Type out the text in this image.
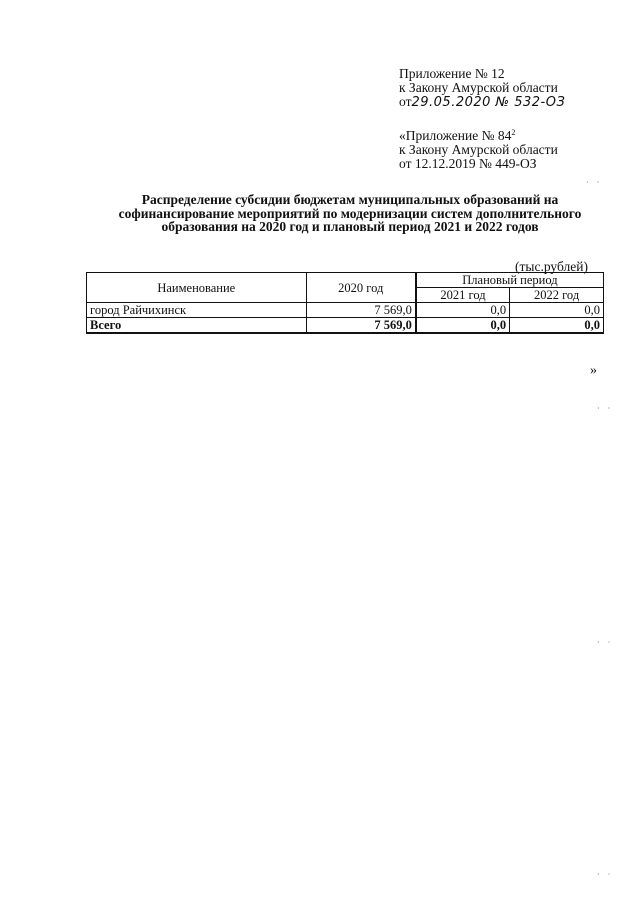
Приложение № 12
к Закону Амурской области
от29.05.2020 № 532-ОЗ
«Приложение № $84^2$
к Закону Амурской области
от 12.12.2019 № 449-ОЗ
Распределение субсидии бюджетам муниципальных образований на софинансирование мероприятий по модернизации систем дополнительного образования на 2020 год и плановый период 2021 и 2022 годов
(тыс.рублей)
Наименование	2020 год	Плановый период	
		2021 год	2022 год
город Райчихинск	7 569,0	0,0	0,0
Всего	7 569,0	0,0	0,0
»
· ·
· ·
· ·
· ·
